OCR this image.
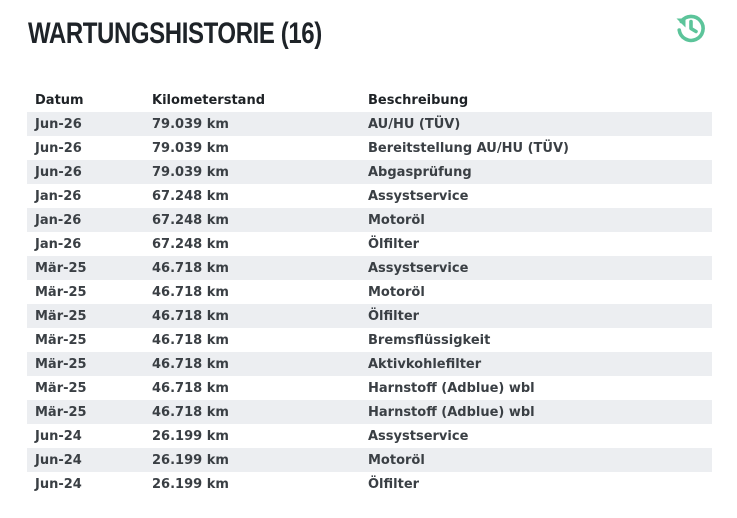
WARTUNGSHISTORIE (16)
Datum	Kilometerstand	Beschreibung
Jun-26	79.039 km	AU/HU (TÜV)
Jun-26	79.039 km	Bereitstellung AU/HU (TÜV)
Jun-26	79.039 km	Abgasprüfung
Jan-26	67.248 km	Assystservice
Jan-26	67.248 km	Motoröl
Jan-26	67.248 km	Ölfilter
Mär-25	46.718 km	Assystservice
Mär-25	46.718 km	Motoröl
Mär-25	46.718 km	Ölfilter
Mär-25	46.718 km	Bremsflüssigkeit
Mär-25	46.718 km	Aktivkohlefilter
Mär-25	46.718 km	Harnstoff (Adblue) wbl
Mär-25	46.718 km	Harnstoff (Adblue) wbl
Jun-24	26.199 km	Assystservice
Jun-24	26.199 km	Motoröl
Jun-24	26.199 km	Ölfilter
